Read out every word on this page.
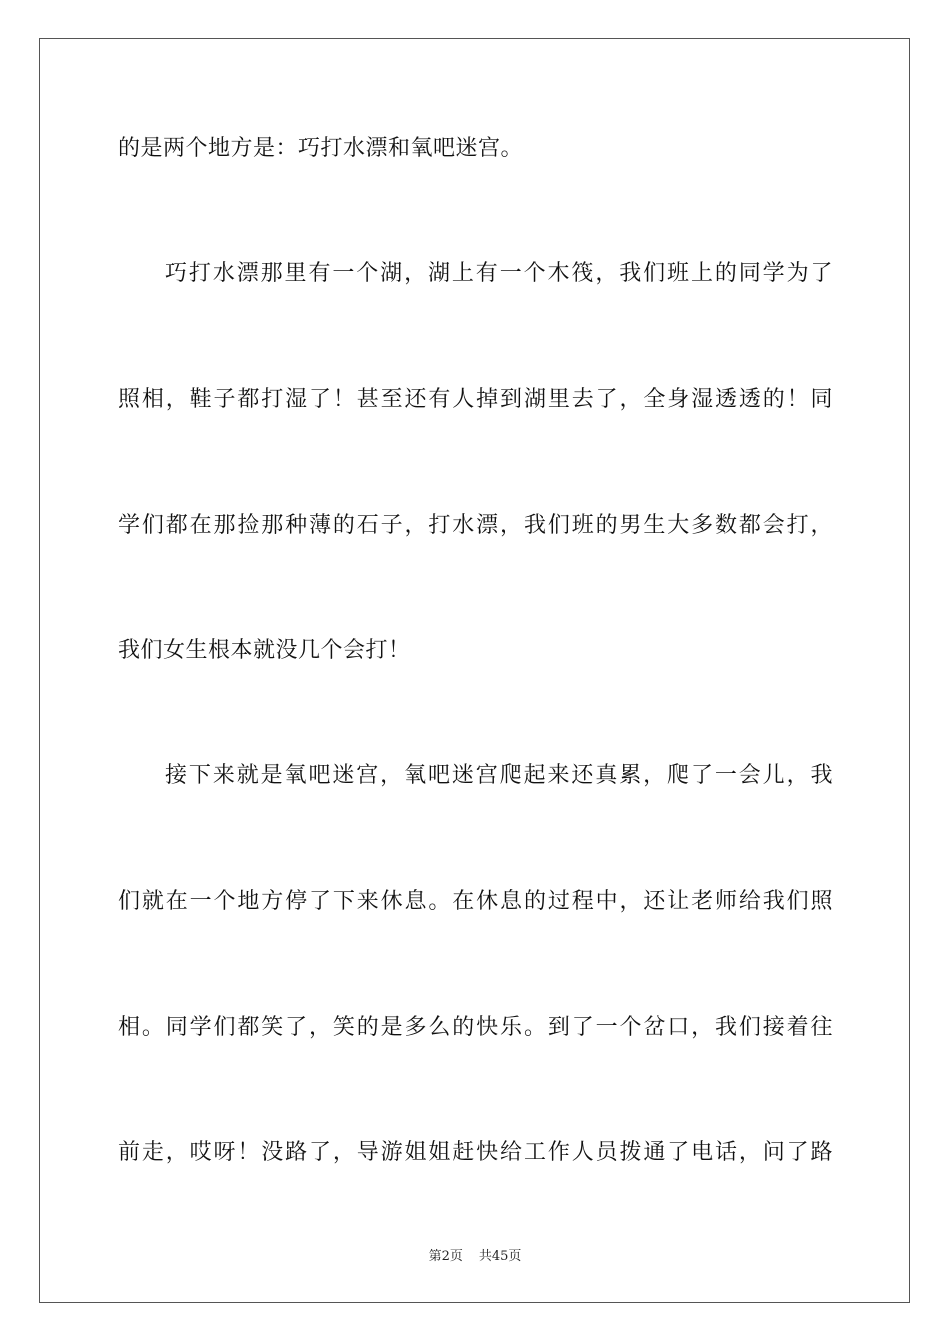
的是两个地方是：巧打水漂和氧吧迷宫。
巧打水漂那里有一个湖，湖上有一个木筏，我们班上的同学为了
照相，鞋子都打湿了！甚至还有人掉到湖里去了，全身湿透透的！同
学们都在那捡那种薄的石子，打水漂，我们班的男生大多数都会打，
我们女生根本就没几个会打！
接下来就是氧吧迷宫，氧吧迷宫爬起来还真累，爬了一会儿，我
们就在一个地方停了下来休息。在休息的过程中，还让老师给我们照
相。同学们都笑了，笑的是多么的快乐。到了一个岔口，我们接着往
前走，哎呀！没路了，导游姐姐赶快给工作人员拨通了电话，问了路
第2页 共45页
